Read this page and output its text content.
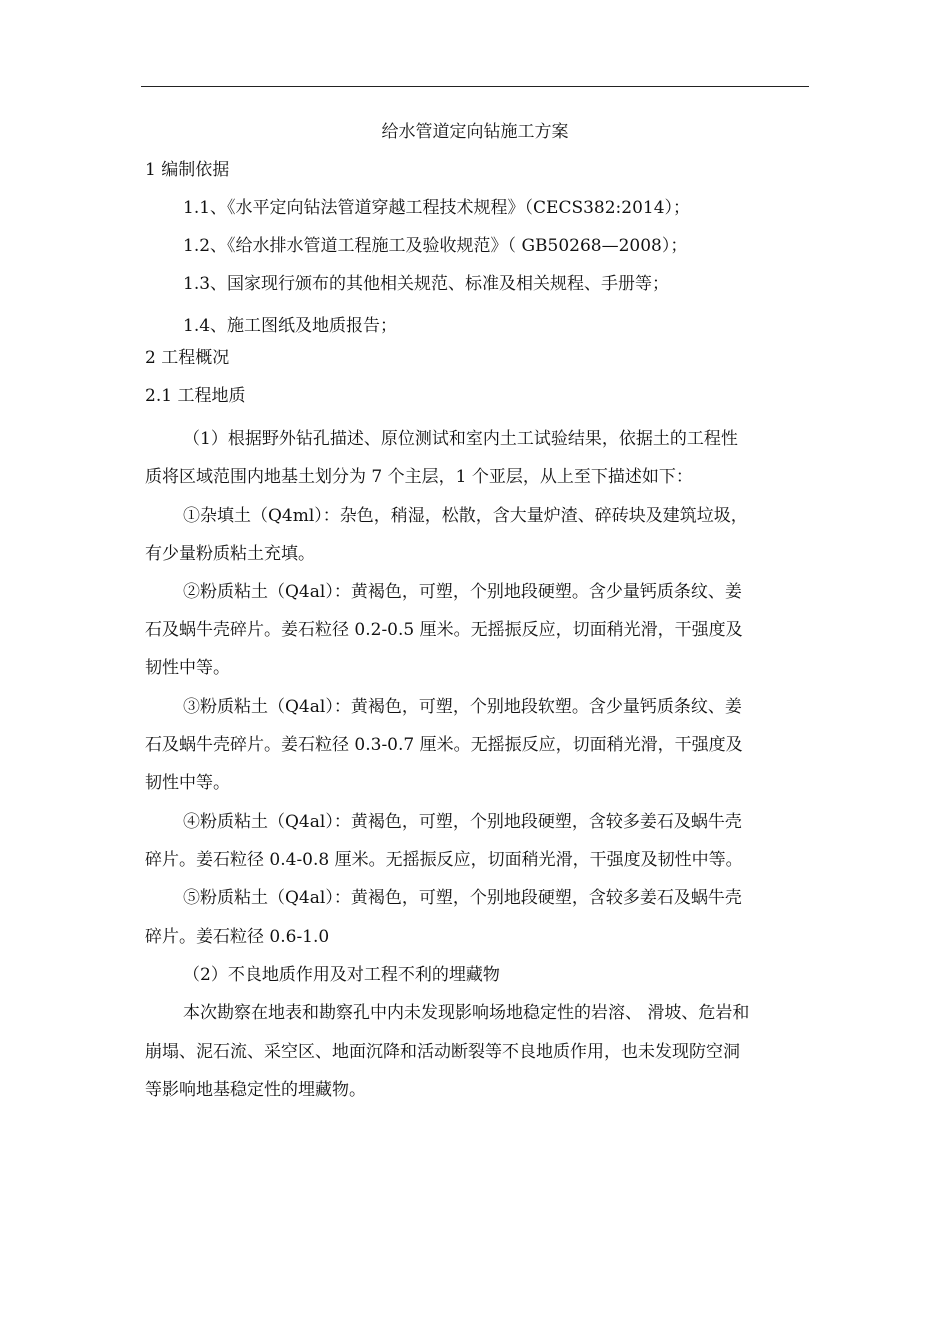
给水管道定向钻施工方案
1 编制依据
1.1、《水平定向钻法管道穿越工程技术规程》（CECS382:2014）；
1.2、《给水排水管道工程施工及验收规范》（ GB50268—2008）；
1.3、国家现行颁布的其他相关规范、标准及相关规程、手册等；
1.4、施工图纸及地质报告；
2 工程概况
2.1 工程地质
（1）根据野外钻孔描述、原位测试和室内土工试验结果，依据土的工程性
质将区域范围内地基土划分为 7 个主层，1 个亚层，从上至下描述如下：
①杂填土（Q4ml）：杂色，稍湿，松散，含大量炉渣、碎砖块及建筑垃圾，
有少量粉质粘土充填。
②粉质粘土（Q4al）：黄褐色，可塑，个别地段硬塑。含少量钙质条纹、姜
石及蜗牛壳碎片。姜石粒径 0.2-0.5 厘米。无摇振反应，切面稍光滑，干强度及
韧性中等。
③粉质粘土（Q4al）：黄褐色，可塑，个别地段软塑。含少量钙质条纹、姜
石及蜗牛壳碎片。姜石粒径 0.3-0.7 厘米。无摇振反应，切面稍光滑，干强度及
韧性中等。
④粉质粘土（Q4al）：黄褐色，可塑，个别地段硬塑，含较多姜石及蜗牛壳
碎片。姜石粒径 0.4-0.8 厘米。无摇振反应，切面稍光滑，干强度及韧性中等。
⑤粉质粘土（Q4al）：黄褐色，可塑，个别地段硬塑，含较多姜石及蜗牛壳
碎片。姜石粒径 0.6-1.0
（2）不良地质作用及对工程不利的埋藏物
本次勘察在地表和勘察孔中内未发现影响场地稳定性的岩溶、 滑坡、危岩和
崩塌、泥石流、采空区、地面沉降和活动断裂等不良地质作用，也未发现防空洞
等影响地基稳定性的埋藏物。
